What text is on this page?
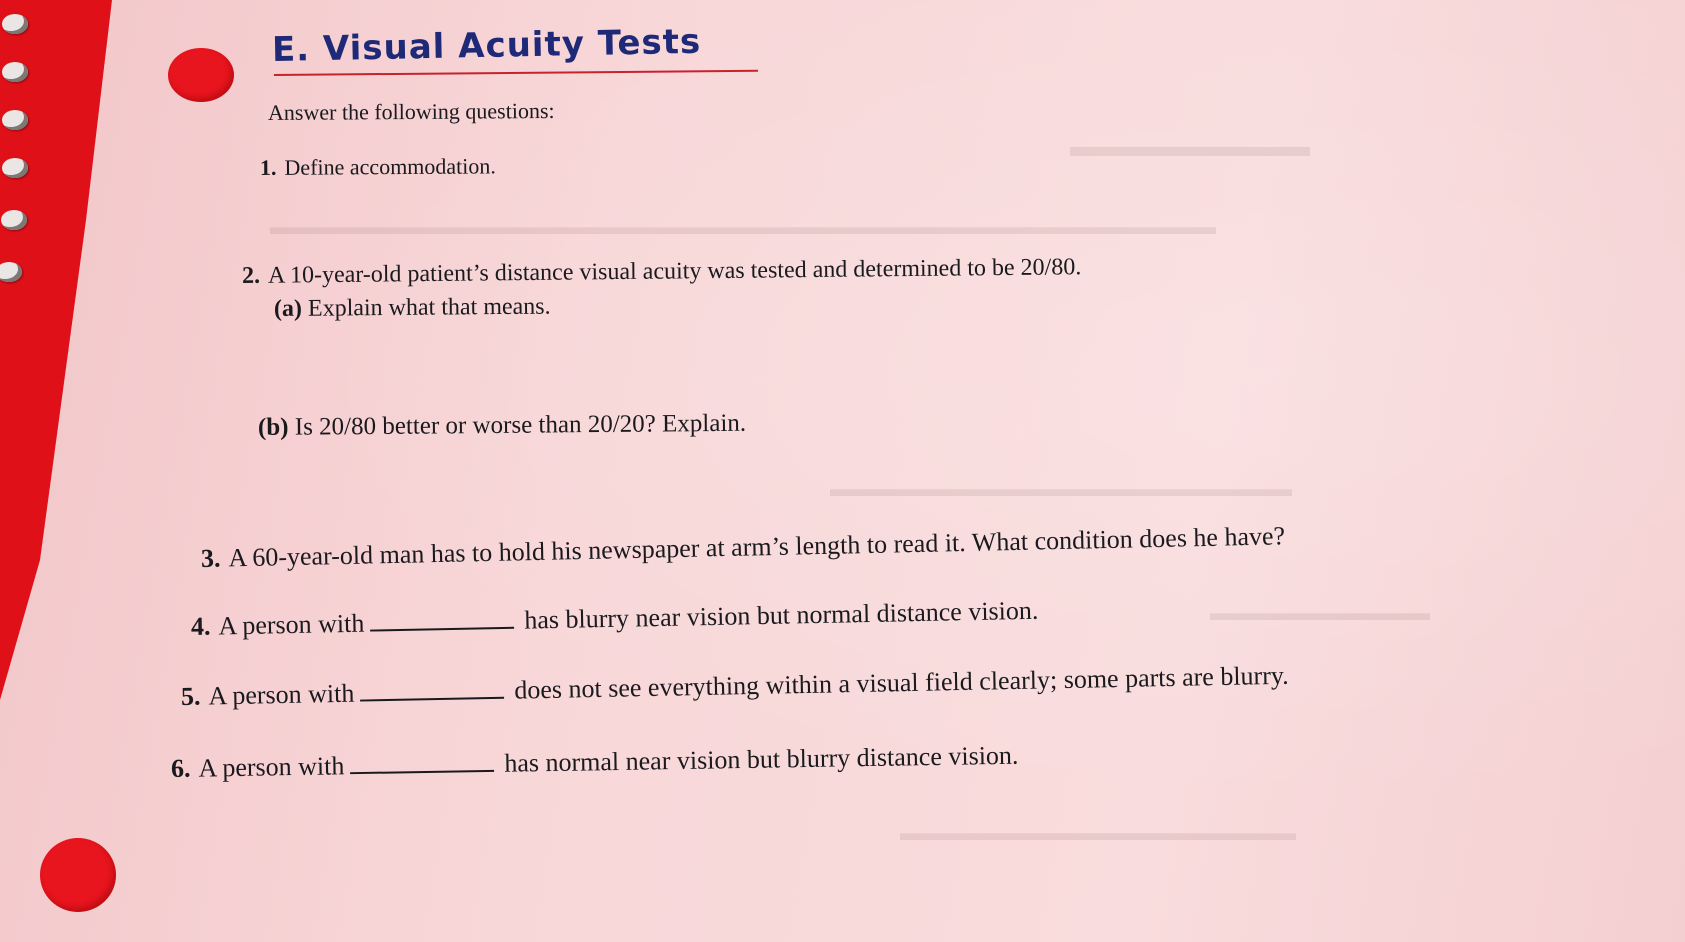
▬▬▬▬▬▬▬▬
▬▬▬▬▬▬▬▬▬▬▬▬▬▬▬▬▬▬▬▬▬▬▬▬▬▬▬▬▬▬▬▬▬▬▬▬▬▬▬▬▬▬▬
▬▬▬▬▬▬▬▬▬▬▬▬▬▬▬▬▬▬▬▬▬
▬▬▬▬▬▬▬▬▬▬
▬▬▬▬▬▬▬▬▬▬▬▬▬▬▬▬▬▬
E. Visual Acuity Tests

Answer the following questions:

1. Define accommodation.

2. A 10-year-old patient’s distance visual acuity was tested and determined to be 20/80.

(a) Explain what that means.

(b) Is 20/80 better or worse than 20/20? Explain.

3. A 60-year-old man has to hold his newspaper at arm’s length to read it. What condition does he have?

4. A person with	has blurry near vision but normal distance vision.

5. A person with	does not see everything within a visual field clearly; some parts are blurry.

6. A person with	has normal near vision but blurry distance vision.
